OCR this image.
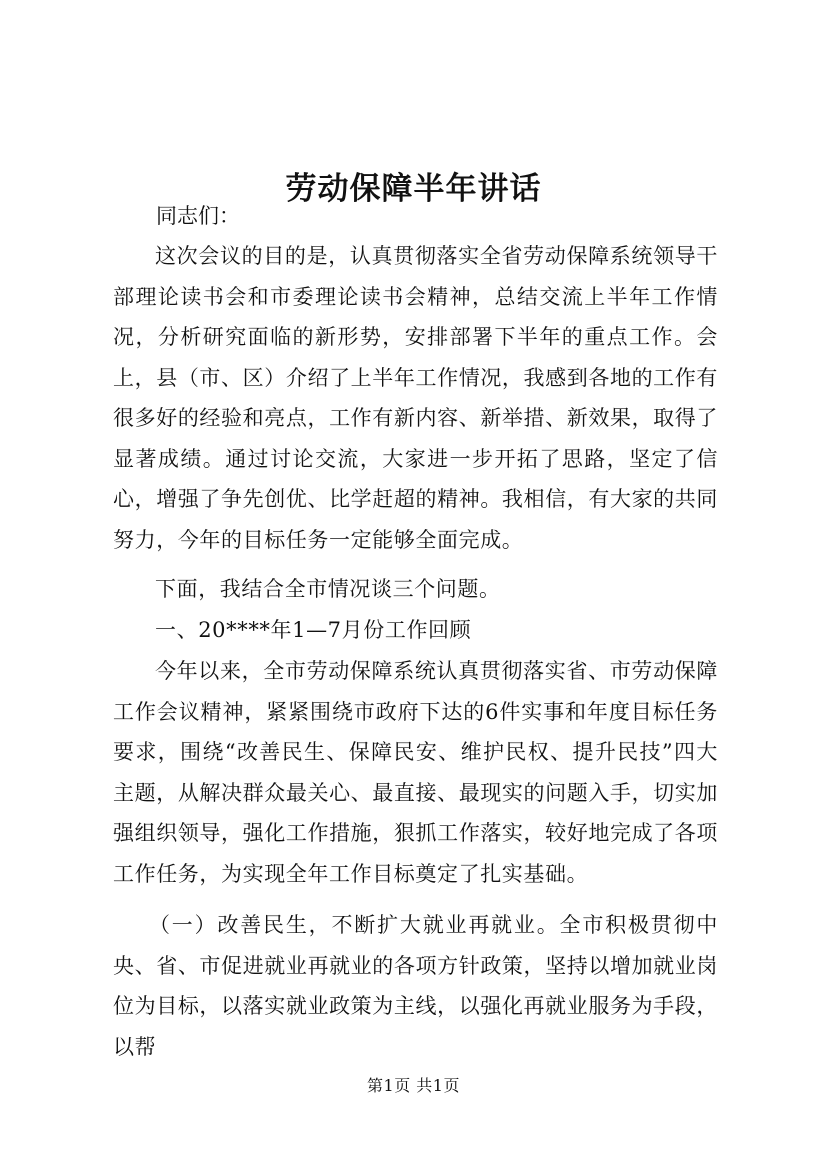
劳动保障半年讲话
同志们：

这次会议的目的是，认真贯彻落实全省劳动保障系统领导干部理论读书会和市委理论读书会精神，总结交流上半年工作情况，分析研究面临的新形势，安排部署下半年的重点工作。会上，县（市、区）介绍了上半年工作情况，我感到各地的工作有很多好的经验和亮点，工作有新内容、新举措、新效果，取得了显著成绩。通过讨论交流，大家进一步开拓了思路，坚定了信心，增强了争先创优、比学赶超的精神。我相信，有大家的共同努力，今年的目标任务一定能够全面完成。

下面，我结合全市情况谈三个问题。

一、20****年1—7月份工作回顾

今年以来，全市劳动保障系统认真贯彻落实省、市劳动保障工作会议精神，紧紧围绕市政府下达的6件实事和年度目标任务要求，围绕“改善民生、保障民安、维护民权、提升民技”四大主题，从解决群众最关心、最直接、最现实的问题入手，切实加强组织领导，强化工作措施，狠抓工作落实，较好地完成了各项工作任务，为实现全年工作目标奠定了扎实基础。

（一）改善民生，不断扩大就业再就业。全市积极贯彻中央、省、市促进就业再就业的各项方针政策，坚持以增加就业岗位为目标，以落实就业政策为主线，以强化再就业服务为手段，以帮

第1页 共1页
